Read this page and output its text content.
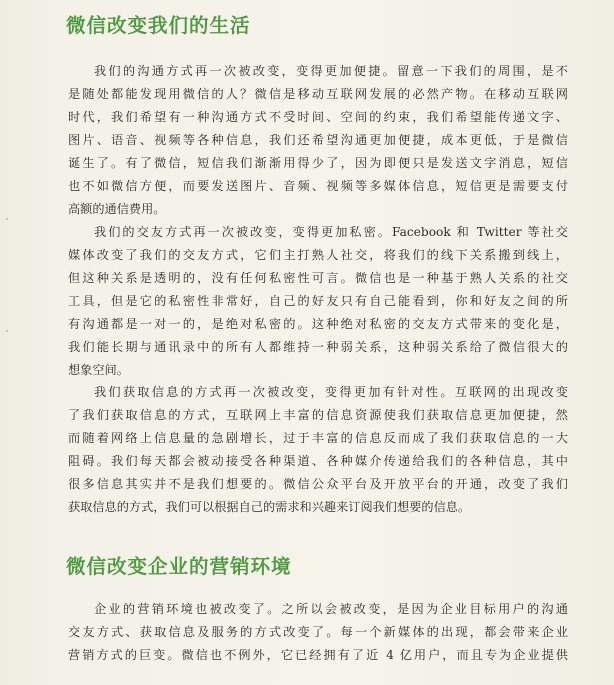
微信改变我们的生活
我们的沟通方式再一次被改变，变得更加便捷。留意一下我们的周围，是不
是随处都能发现用微信的人？微信是移动互联网发展的必然产物。在移动互联网
时代，我们希望有一种沟通方式不受时间、空间的约束，我们希望能传递文字、
图片、语音、视频等各种信息，我们还希望沟通更加便捷，成本更低，于是微信
诞生了。有了微信，短信我们渐渐用得少了，因为即便只是发送文字消息，短信
也不如微信方便，而要发送图片、音频、视频等多媒体信息，短信更是需要支付
高额的通信费用。
我们的交友方式再一次被改变，变得更加私密。Facebook 和 Twitter 等社交
媒体改变了我们的交友方式，它们主打熟人社交，将我们的线下关系搬到线上，
但这种关系是透明的，没有任何私密性可言。微信也是一种基于熟人关系的社交
工具，但是它的私密性非常好，自己的好友只有自己能看到，你和好友之间的所
有沟通都是一对一的，是绝对私密的。这种绝对私密的交友方式带来的变化是，
我们能长期与通讯录中的所有人都维持一种弱关系，这种弱关系给了微信很大的
想象空间。
我们获取信息的方式再一次被改变，变得更加有针对性。互联网的出现改变
了我们获取信息的方式，互联网上丰富的信息资源使我们获取信息更加便捷，然
而随着网络上信息量的急剧增长，过于丰富的信息反而成了我们获取信息的一大
阻碍。我们每天都会被动接受各种渠道、各种媒介传递给我们的各种信息，其中
很多信息其实并不是我们想要的。微信公众平台及开放平台的开通，改变了我们
获取信息的方式，我们可以根据自己的需求和兴趣来订阅我们想要的信息。
微信改变企业的营销环境
企业的营销环境也被改变了。之所以会被改变，是因为企业目标用户的沟通
交友方式、获取信息及服务的方式改变了。每一个新媒体的出现，都会带来企业
营销方式的巨变。微信也不例外，它已经拥有了近 4 亿用户，而且专为企业提供
